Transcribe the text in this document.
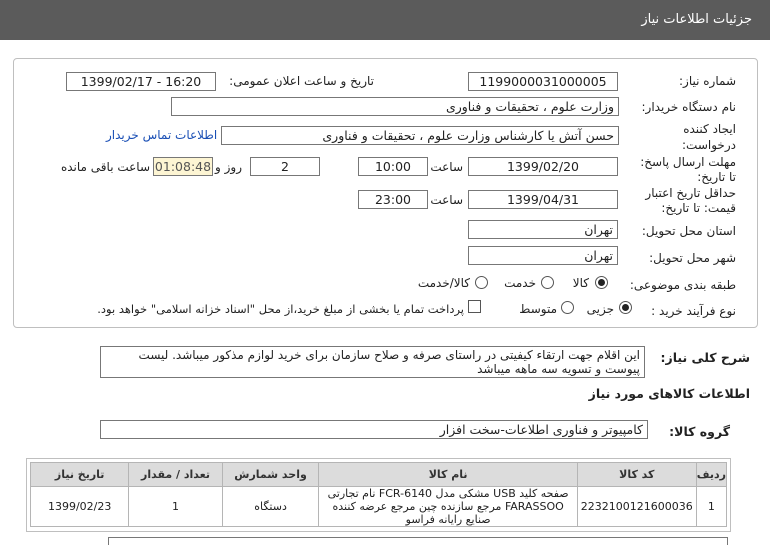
جزئیات اطلاعات نیاز
شماره نیاز:
1199000031000005
تاریخ و ساعت اعلان عمومی:
1399/02/17 - 16:20
نام دستگاه خریدار:
وزارت علوم ، تحقیقات و فناوری
ایجاد کننده
درخواست:
حسن آتش یا کارشناس وزارت علوم ، تحقیقات و فناوری
اطلاعات تماس خریدار
مهلت ارسال پاسخ:
تا تاریخ:
1399/02/20
ساعت
10:00
2
روز و
01:08:48
ساعت باقی مانده
حداقل تاریخ اعتبار
قیمت: تا تاریخ:
1399/04/31
ساعت
23:00
استان محل تحویل:
تهران
شهر محل تحویل:
تهران
طبقه بندی موضوعی:
کالا
خدمت
کالا/خدمت
نوع فرآیند خرید :
جزیی
متوسط
پرداخت تمام یا بخشی از مبلغ خرید،از محل "اسناد خزانه اسلامی" خواهد بود.
شرح کلی نیاز:
این اقلام جهت ارتقاء کیفیتی در راستای صرفه و صلاح سازمان برای خرید لوازم مذکور میباشد. لیست پیوست و تسویه سه ماهه میباشد
اطلاعات کالاهای مورد نیاز
گروه کالا:
کامپیوتر و فناوری اطلاعات-سخت افزار
ردیف	کد کالا	نام کالا	واحد شمارش	تعداد / مقدار	تاریخ نیاز
1	2232100121600036	صفحه کلید USB مشکی مدل FCR-6140 نام تجارتی FARASSOO مرجع سازنده چین مرجع عرضه کننده صنایع رایانه فراسو	دستگاه	1	1399/02/23
